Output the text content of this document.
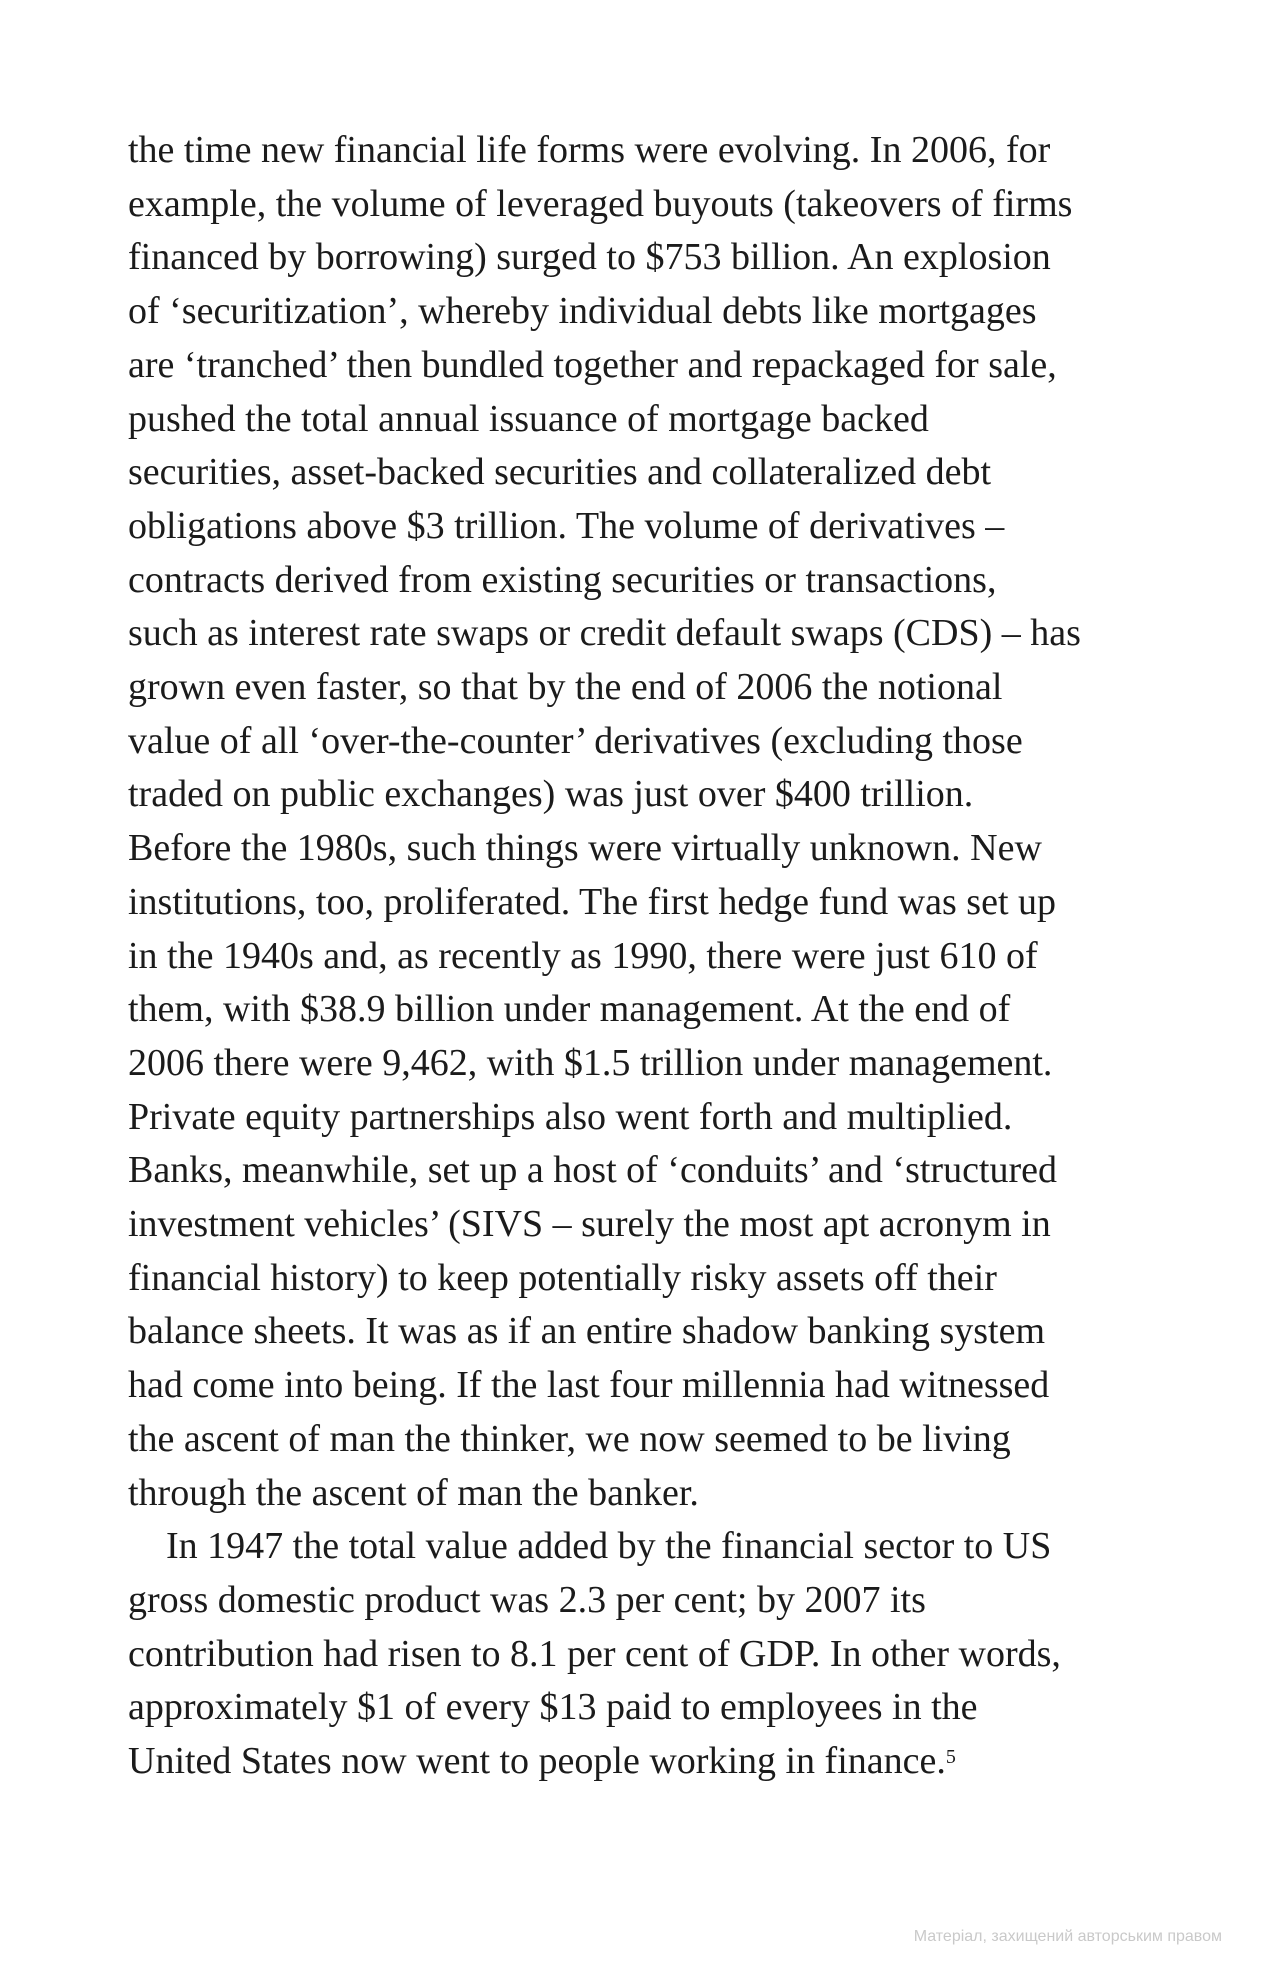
the time new financial life forms were evolving. In 2006, for
example, the volume of leveraged buyouts (takeovers of firms
financed by borrowing) surged to $753 billion. An explosion
of ‘securitization’, whereby individual debts like mortgages
are ‘tranched’ then bundled together and repackaged for sale,
pushed the total annual issuance of mortgage backed
securities, asset-backed securities and collateralized debt
obligations above $3 trillion. The volume of derivatives –
contracts derived from existing securities or transactions,
such as interest rate swaps or credit default swaps (CDS) – has
grown even faster, so that by the end of 2006 the notional
value of all ‘over-the-counter’ derivatives (excluding those
traded on public exchanges) was just over $400 trillion.
Before the 1980s, such things were virtually unknown. New
institutions, too, proliferated. The first hedge fund was set up
in the 1940s and, as recently as 1990, there were just 610 of
them, with $38.9 billion under management. At the end of
2006 there were 9,462, with $1.5 trillion under management.
Private equity partnerships also went forth and multiplied.
Banks, meanwhile, set up a host of ‘conduits’ and ‘structured
investment vehicles’ (SIVS – surely the most apt acronym in
financial history) to keep potentially risky assets off their
balance sheets. It was as if an entire shadow banking system
had come into being. If the last four millennia had witnessed
the ascent of man the thinker, we now seemed to be living
through the ascent of man the banker.
In 1947 the total value added by the financial sector to US
gross domestic product was 2.3 per cent; by 2007 its
contribution had risen to 8.1 per cent of GDP. In other words,
approximately $1 of every $13 paid to employees in the
United States now went to people working in finance.$^5$
Матеріал, захищений авторським правом
